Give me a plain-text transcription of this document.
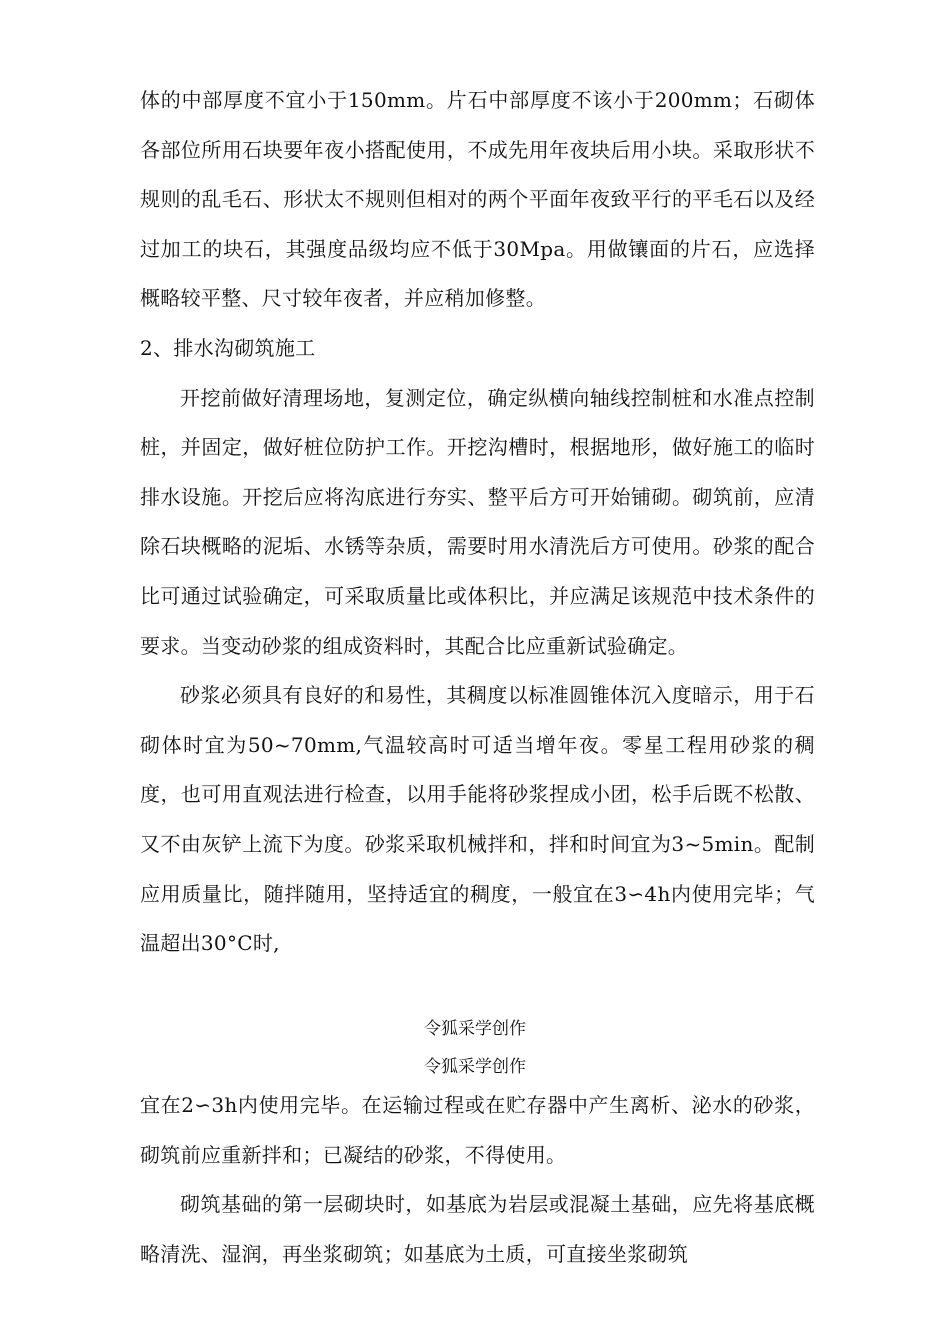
体的中部厚度不宜小于150mm。片石中部厚度不该小于200mm；石砌体各部位所用石块要年夜小搭配使用，不成先用年夜块后用小块。采取形状不规则的乱毛石、形状太不规则但相对的两个平面年夜致平行的平毛石以及经过加工的块石，其强度品级均应不低于30Mpa。用做镶面的片石，应选择概略较平整、尺寸较年夜者，并应稍加修整。

2、排水沟砌筑施工

开挖前做好清理场地，复测定位，确定纵横向轴线控制桩和水准点控制桩，并固定，做好桩位防护工作。开挖沟槽时，根据地形，做好施工的临时排水设施。开挖后应将沟底进行夯实、整平后方可开始铺砌。砌筑前，应清除石块概略的泥垢、水锈等杂质，需要时用水清洗后方可使用。砂浆的配合比可通过试验确定，可采取质量比或体积比，并应满足该规范中技术条件的要求。当变动砂浆的组成资料时，其配合比应重新试验确定。

砂浆必须具有良好的和易性，其稠度以标准圆锥体沉入度暗示，用于石砌体时宜为50~70mm,气温较高时可适当增年夜。零星工程用砂浆的稠度，也可用直观法进行检查，以用手能将砂浆捏成小团，松手后既不松散、又不由灰铲上流下为度。砂浆采取机械拌和，拌和时间宜为3~5min。配制应用质量比，随拌随用，坚持适宜的稠度，一般宜在3∽4h内使用完毕；气温超出30°C时,

令狐采学创作

令狐采学创作

宜在2∽3h内使用完毕。在运输过程或在贮存器中产生离析、泌水的砂浆，砌筑前应重新拌和；已凝结的砂浆，不得使用。

砌筑基础的第一层砌块时，如基底为岩层或混凝土基础，应先将基底概略清洗、湿润，再坐浆砌筑；如基底为土质，可直接坐浆砌筑
